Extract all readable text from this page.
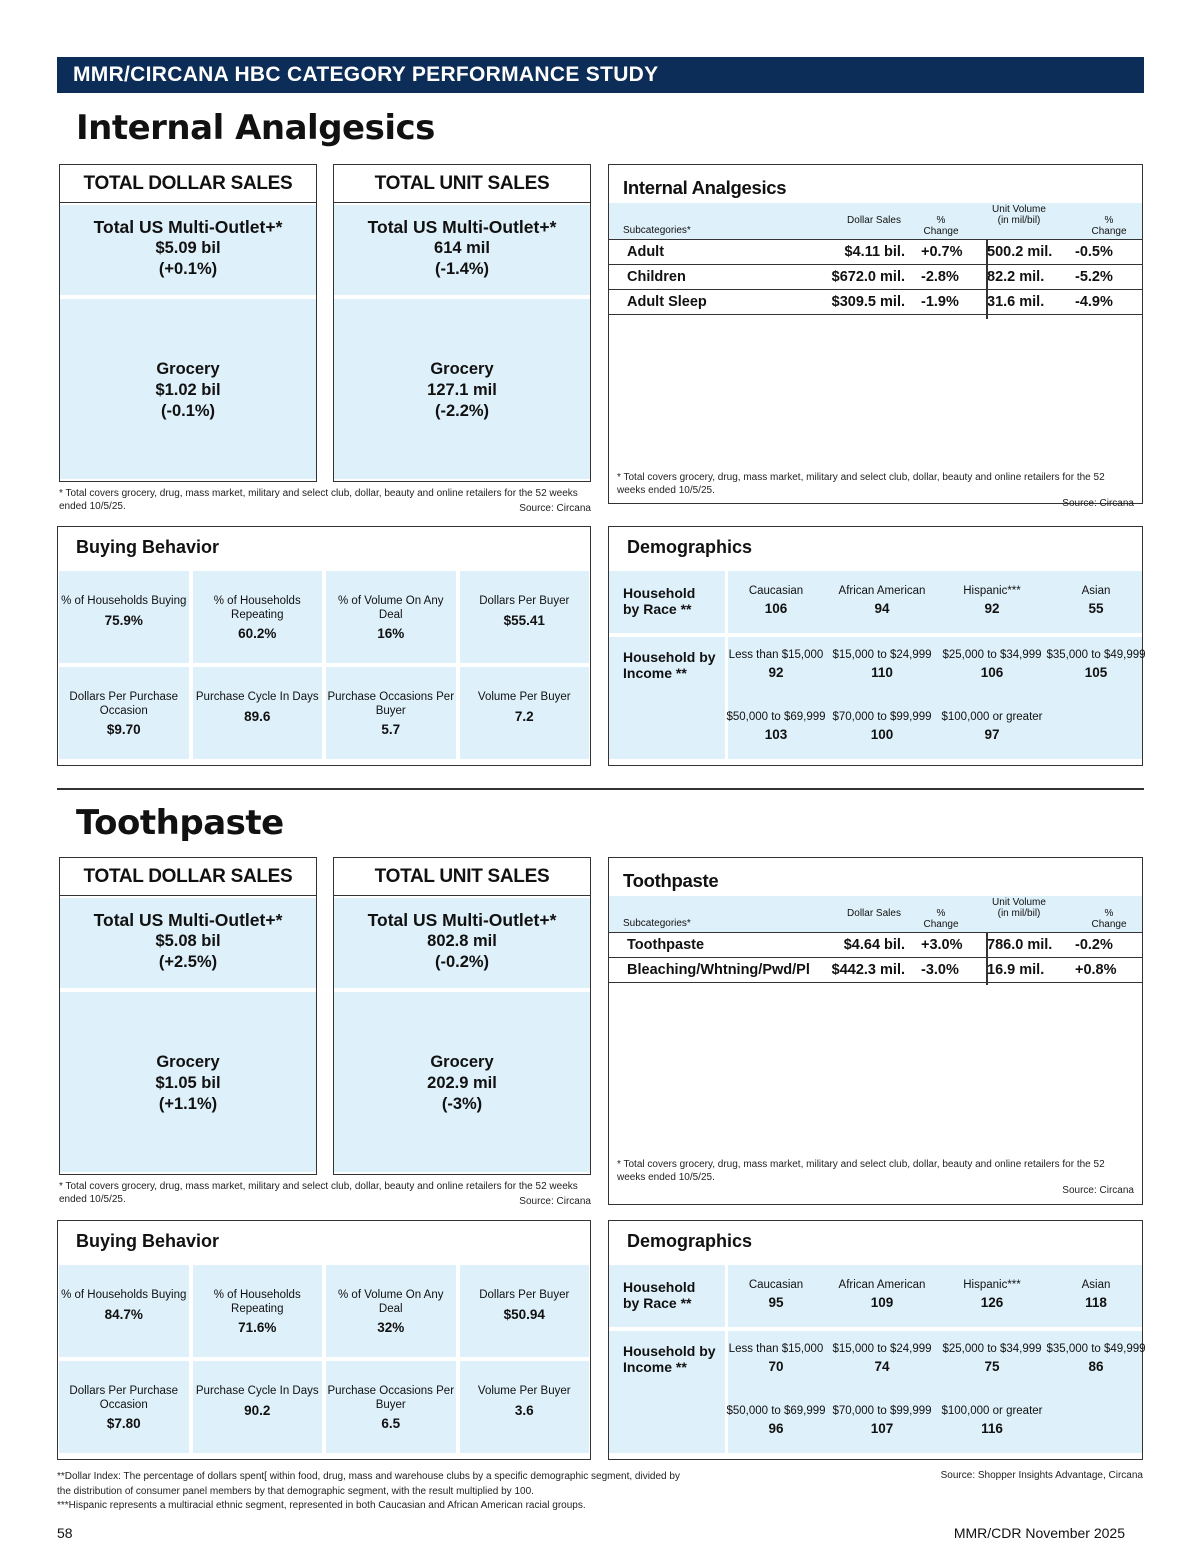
MMR/CIRCANA HBC CATEGORY PERFORMANCE STUDY
Internal Analgesics
TOTAL DOLLAR SALES
Total US Multi-Outlet+*
$5.09 bil
(+0.1%)
Grocery
$1.02 bil
(-0.1%)
TOTAL UNIT SALES
Total US Multi-Outlet+*
614 mil
(-1.4%)
Grocery
127.1 mil
(-2.2%)
* Total covers grocery, drug, mass market, military and select club, dollar, beauty and online retailers for the 52 weeks ended 10/5/25.	Source: Circana
Internal Analgesics
Subcategories*
Dollar Sales	% Change
Unit Volume (in mil/bil)	% Change
Adult	$4.11 bil. +0.7% 500.2 mil. -0.5%
Children	$672.0 mil. -2.8% 82.2 mil. -5.2%
Adult Sleep	$309.5 mil. -1.9% 31.6 mil. -4.9%
* Total covers grocery, drug, mass market, military and select club, dollar, beauty and online retailers for the 52 weeks ended 10/5/25.
Source: Circana
Buying Behavior
% of Households Buying
75.9%
% of Households Repeating
60.2%
% of Volume On Any Deal
16%
Dollars Per Buyer
$55.41
Dollars Per Purchase Occasion
$9.70
Purchase Cycle In Days
89.6
Purchase Occasions Per Buyer
5.7
Volume Per Buyer
7.2
Demographics
Household by Race **
Caucasian
106
African American
94
Hispanic***
92
Asian
55
Household by Income **
Less than $15,000
92
$15,000 to $24,999
110
$25,000 to $34,999
106
$35,000 to $49,999
105
$50,000 to $69,999
103
$70,000 to $99,999
100
$100,000 or greater
97
Toothpaste
TOTAL DOLLAR SALES
Total US Multi-Outlet+*
$5.08 bil
(+2.5%)
Grocery
$1.05 bil
(+1.1%)
TOTAL UNIT SALES
Total US Multi-Outlet+*
802.8 mil
(-0.2%)
Grocery
202.9 mil
(-3%)
* Total covers grocery, drug, mass market, military and select club, dollar, beauty and online retailers for the 52 weeks ended 10/5/25.	Source: Circana
Toothpaste
Subcategories*
Dollar Sales	% Change
Unit Volume (in mil/bil)	% Change
Toothpaste	$4.64 bil. +3.0% 786.0 mil. -0.2%
Bleaching/Whtning/Pwd/Pl $442.3 mil. -3.0% 16.9 mil. +0.8%
* Total covers grocery, drug, mass market, military and select club, dollar, beauty and online retailers for the 52 weeks ended 10/5/25.
Source: Circana
Buying Behavior
% of Households Buying
84.7%
% of Households Repeating
71.6%
% of Volume On Any Deal
32%
Dollars Per Buyer
$50.94
Dollars Per Purchase Occasion
$7.80
Purchase Cycle In Days
90.2
Purchase Occasions Per Buyer
6.5
Volume Per Buyer
3.6
Demographics
Household by Race **
Caucasian
95
African American
109
Hispanic***
126
Asian
118
Household by Income **
Less than $15,000
70
$15,000 to $24,999
74
$25,000 to $34,999
75
$35,000 to $49,999
86
$50,000 to $69,999
96
$70,000 to $99,999
107
$100,000 or greater
116
**Dollar Index: The percentage of dollars spent[ within food, drug, mass and warehouse clubs by a specific demographic segment, divided by
the distribution of consumer panel members by that demographic segment, with the result multiplied by 100.
***Hispanic represents a multiracial ethnic segment, represented in both Caucasian and African American racial groups.
Source: Shopper Insights Advantage, Circana
58	MMR/CDR November 2025
